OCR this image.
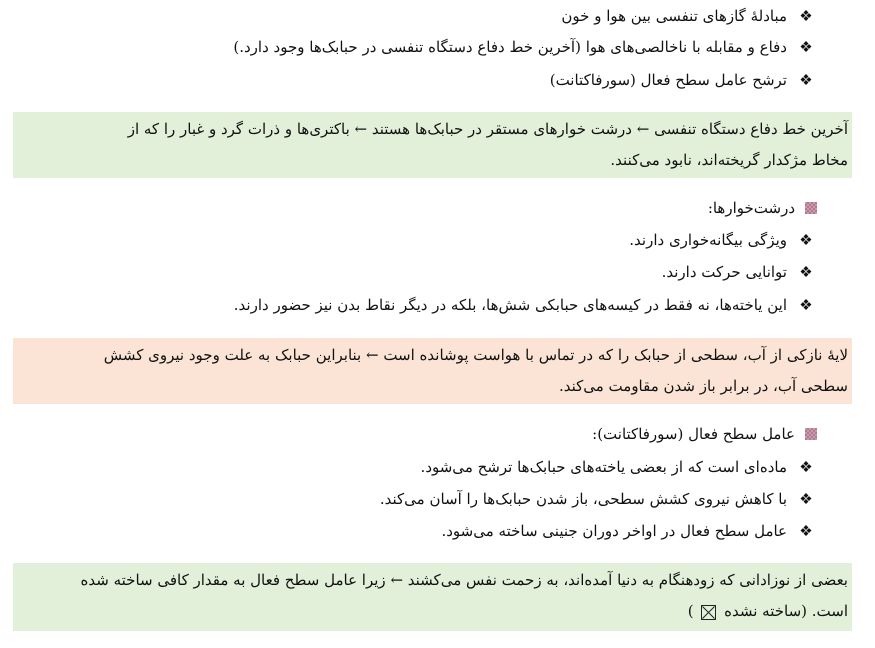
❖
مبادلهٔ گازهای تنفسی بین هوا و خون
❖
دفاع و مقابله با ناخالصی‌های هوا (آخرین خط دفاع دستگاه تنفسی در حبابک‌ها وجود دارد.)
❖
ترشح عامل سطح فعال (سورفاکتانت)
آخرین خط دفاع دستگاه تنفسی ← درشت خوارهای مستقر در حبابک‌ها هستند ← باکتری‌ها و ذرات گرد و غبار را که از
مخاط مژکدار گریخته‌اند، نابود می‌کنند.
درشت‌خوارها:
❖
ویژگی بیگانه‌خواری دارند.
❖
توانایی حرکت دارند.
❖
این یاخته‌ها، نه فقط در کیسه‌های حبابکی شش‌ها، بلکه در دیگر نقاط بدن نیز حضور دارند.
لایهٔ نازکی از آب، سطحی از حبابک را که در تماس با هواست پوشانده است ← بنابراین حبابک به علت وجود نیروی کشش
سطحی آب، در برابر باز شدن مقاومت می‌کند.
عامل سطح فعال (سورفاکتانت):
❖
ماده‌ای است که از بعضی یاخته‌های حبابک‌ها ترشح می‌شود.
❖
با کاهش نیروی کشش سطحی، باز شدن حبابک‌ها را آسان می‌کند.
❖
عامل سطح فعال در اواخر دوران جنینی ساخته می‌شود.
بعضی از نوزادانی که زودهنگام به دنیا آمده‌اند، به زحمت نفس می‌کشند ← زیرا عامل سطح فعال به مقدار کافی ساخته شده
است. (ساخته نشده  )
